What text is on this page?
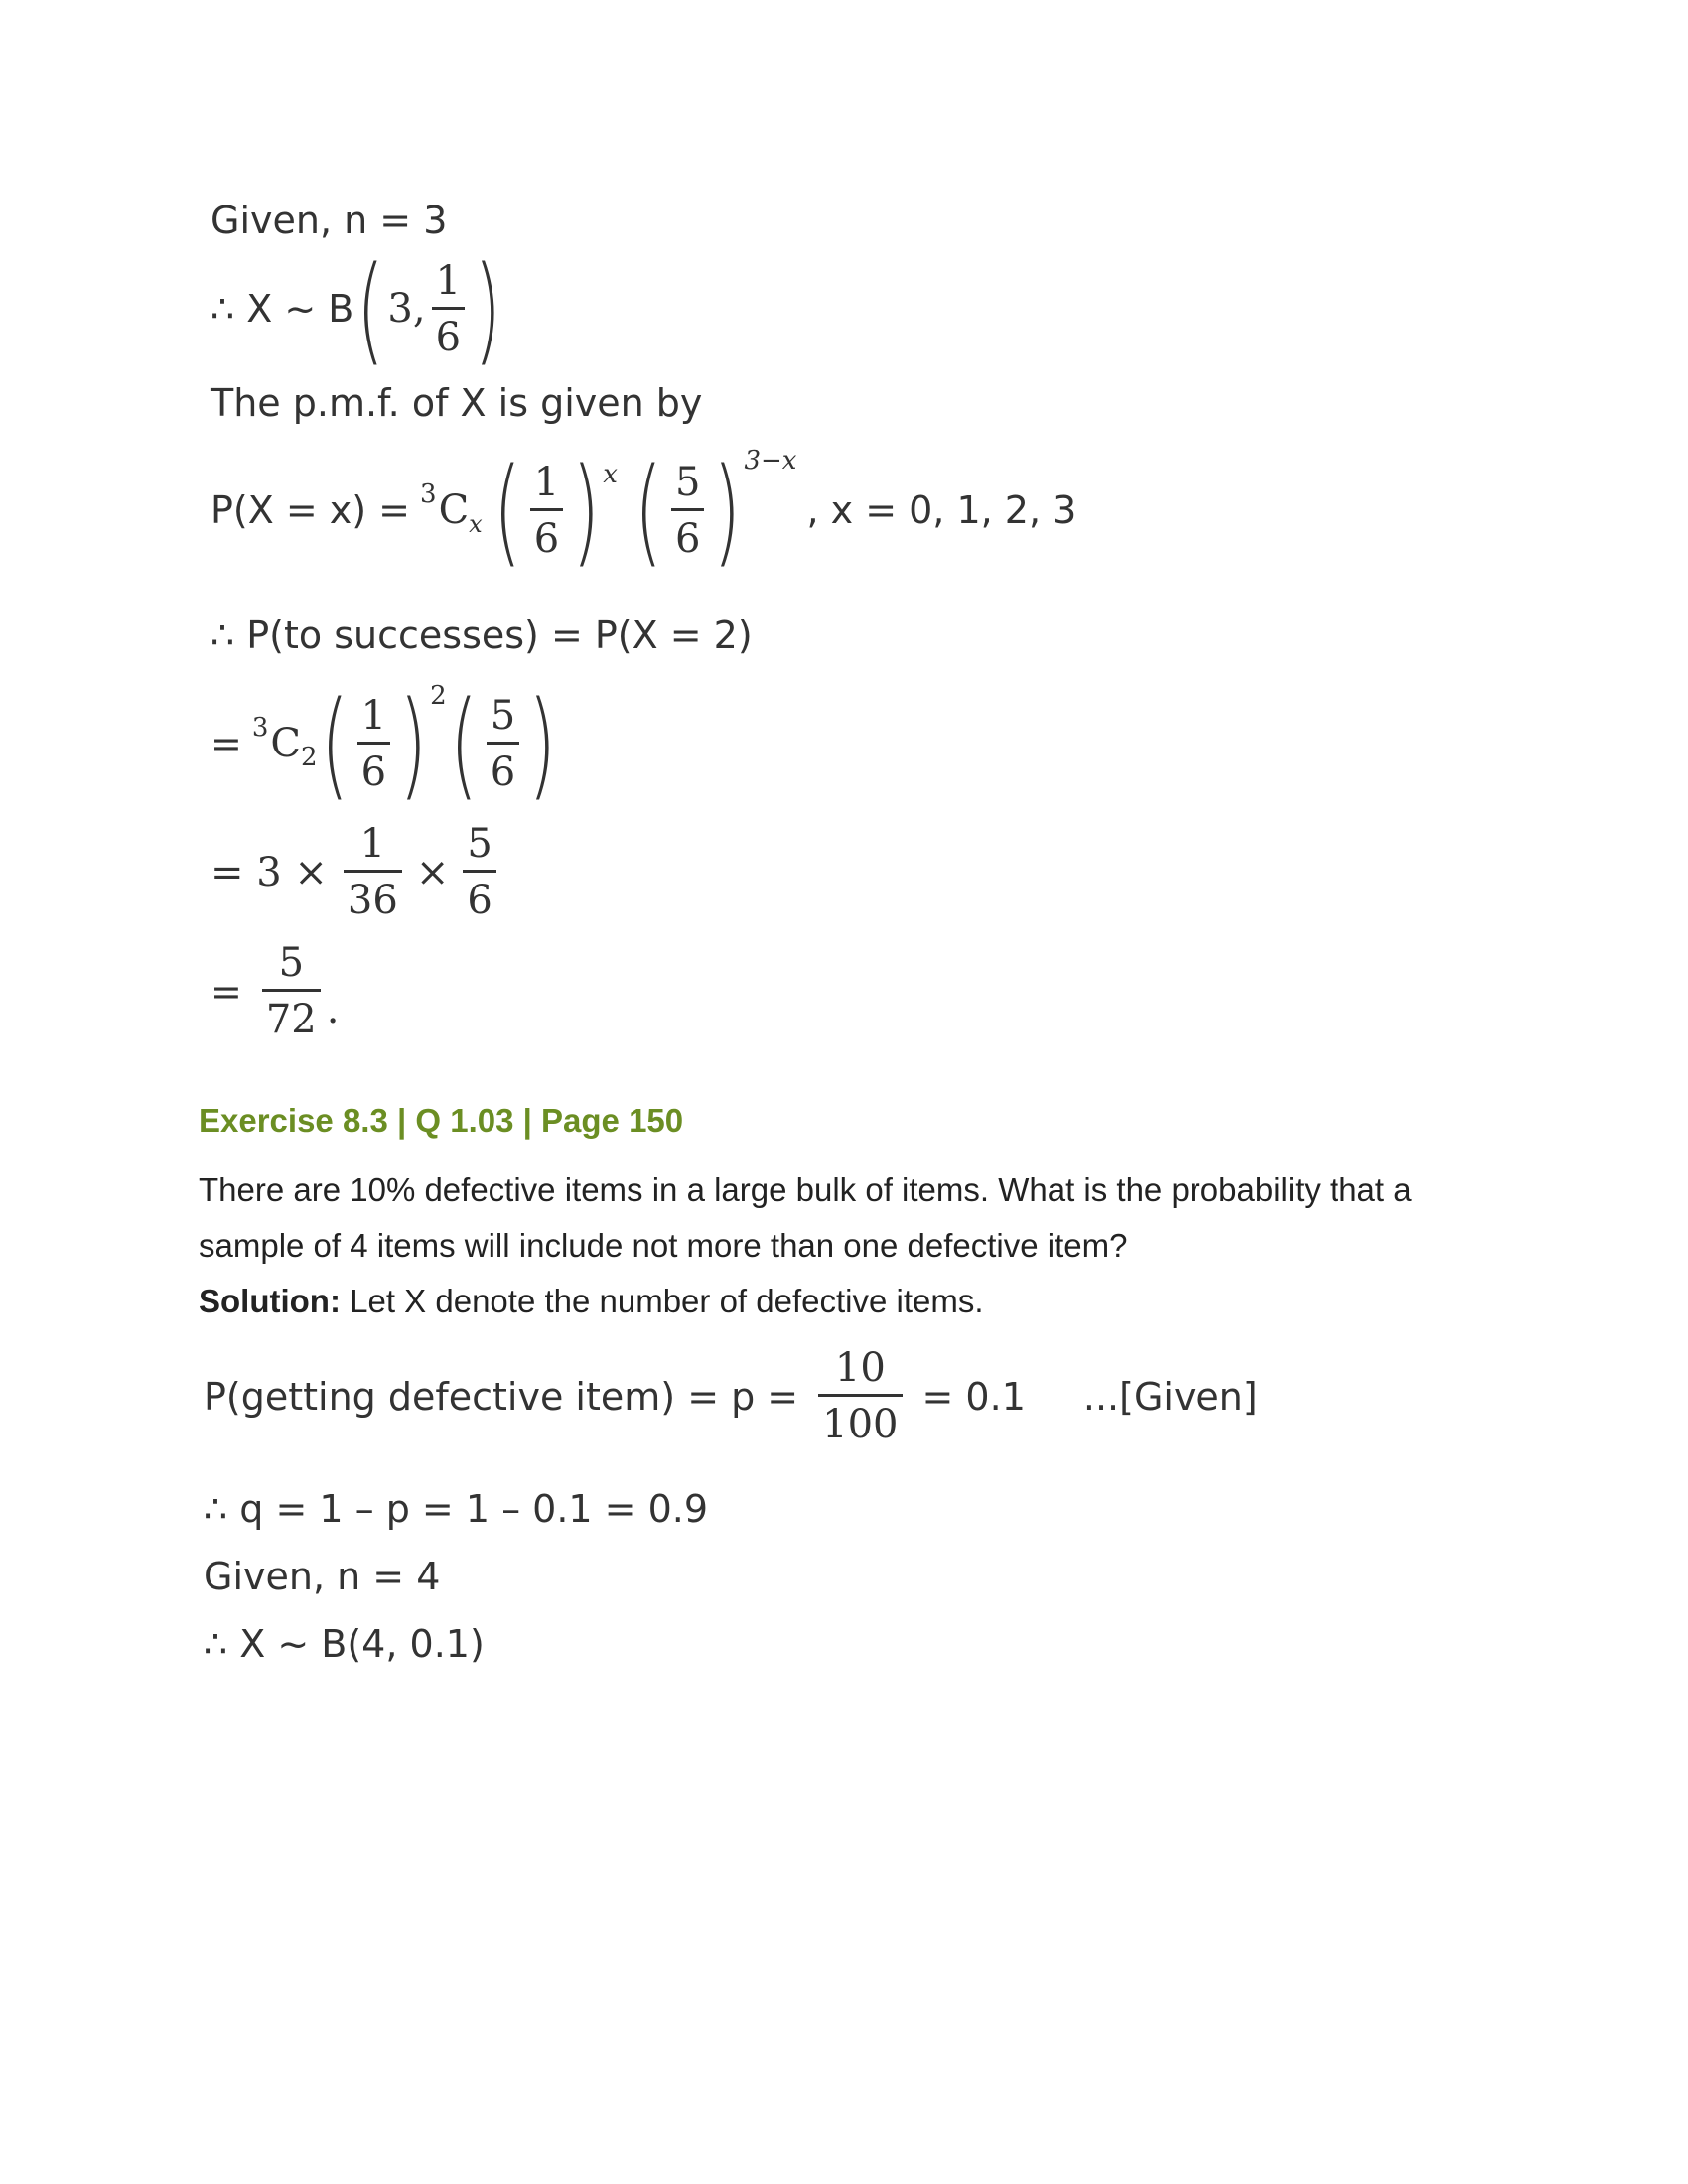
Given, n = 3
∴ X ~ B ( 3, $\frac{1}{6}$ )
The p.m.f. of X is given by
P(X = x) = 3 C x ( $\frac{1}{6}$ ) x ( $\frac{5}{6}$ ) 3−x
, x = 0, 1, 2, 3
∴ P(to successes) = P(X = 2)
= 3 C 2 ( $\frac{1}{6}$ ) 2 ( $\frac{5}{6}$ )
= $3 \times \frac{1}{36} \times \frac{5}{6}$
= $\frac{5}{72}$ .
Exercise 8.3 | Q 1.03 | Page 150
There are 10% defective items in a large bulk of items. What is the probability that a
sample of 4 items will include not more than one defective item?
Solution: Let X denote the number of defective items.
P(getting defective item) = $p = \frac{10}{100} = 0.1$ ...[Given]
∴ q = 1 – p = 1 – 0.1 = 0.9
Given, n = 4
∴ X ~ B(4, 0.1)
